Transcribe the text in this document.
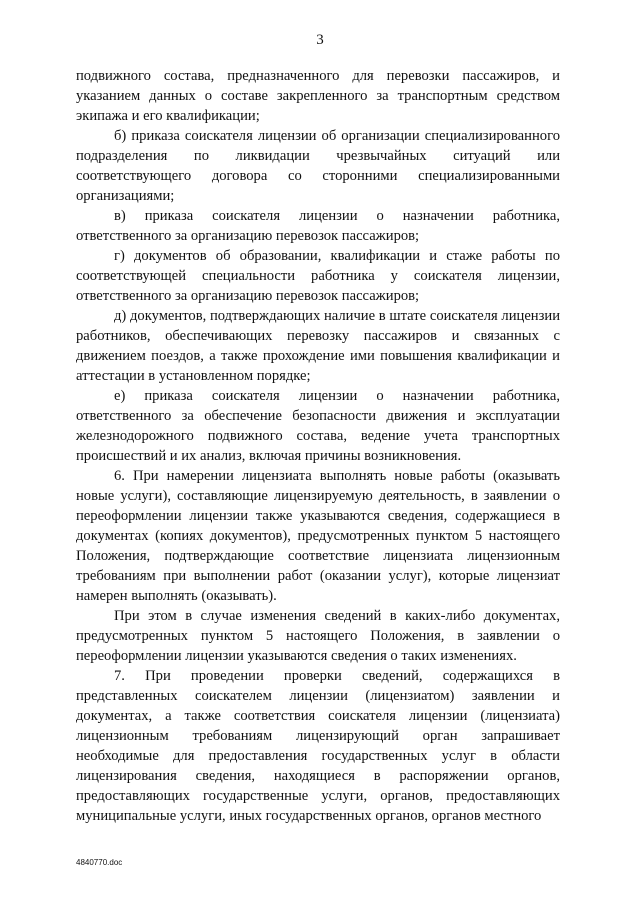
3

подвижного состава, предназначенного для перевозки пассажиров, и указанием данных о составе закрепленного за транспортным средством экипажа и его квалификации;

б) приказа соискателя лицензии об организации специализированного подразделения по ликвидации чрезвычайных ситуаций или соответствующего договора со сторонними специализированными организациями;

в) приказа соискателя лицензии о назначении работника, ответственного за организацию перевозок пассажиров;

г) документов об образовании, квалификации и стаже работы по соответствующей специальности работника у соискателя лицензии, ответственного за организацию перевозок пассажиров;

д) документов, подтверждающих наличие в штате соискателя лицензии работников, обеспечивающих перевозку пассажиров и связанных с движением поездов, а также прохождение ими повышения квалификации и аттестации в установленном порядке;

е) приказа соискателя лицензии о назначении работника, ответственного за обеспечение безопасности движения и эксплуатации железнодорожного подвижного состава, ведение учета транспортных происшествий и их анализ, включая причины возникновения.

6. При намерении лицензиата выполнять новые работы (оказывать новые услуги), составляющие лицензируемую деятельность, в заявлении о переоформлении лицензии также указываются сведения, содержащиеся в документах (копиях документов), предусмотренных пунктом 5 настоящего Положения, подтверждающие соответствие лицензиата лицензионным требованиям при выполнении работ (оказании услуг), которые лицензиат намерен выполнять (оказывать).

При этом в случае изменения сведений в каких-либо документах, предусмотренных пунктом 5 настоящего Положения, в заявлении о переоформлении лицензии указываются сведения о таких изменениях.

7. При проведении проверки сведений, содержащихся в представленных соискателем лицензии (лицензиатом) заявлении и документах, а также соответствия соискателя лицензии (лицензиата) лицензионным требованиям лицензирующий орган запрашивает необходимые для предоставления государственных услуг в области лицензирования сведения, находящиеся в распоряжении органов, предоставляющих государственные услуги, органов, предоставляющих муниципальные услуги, иных государственных органов, органов местного

4840770.doc
